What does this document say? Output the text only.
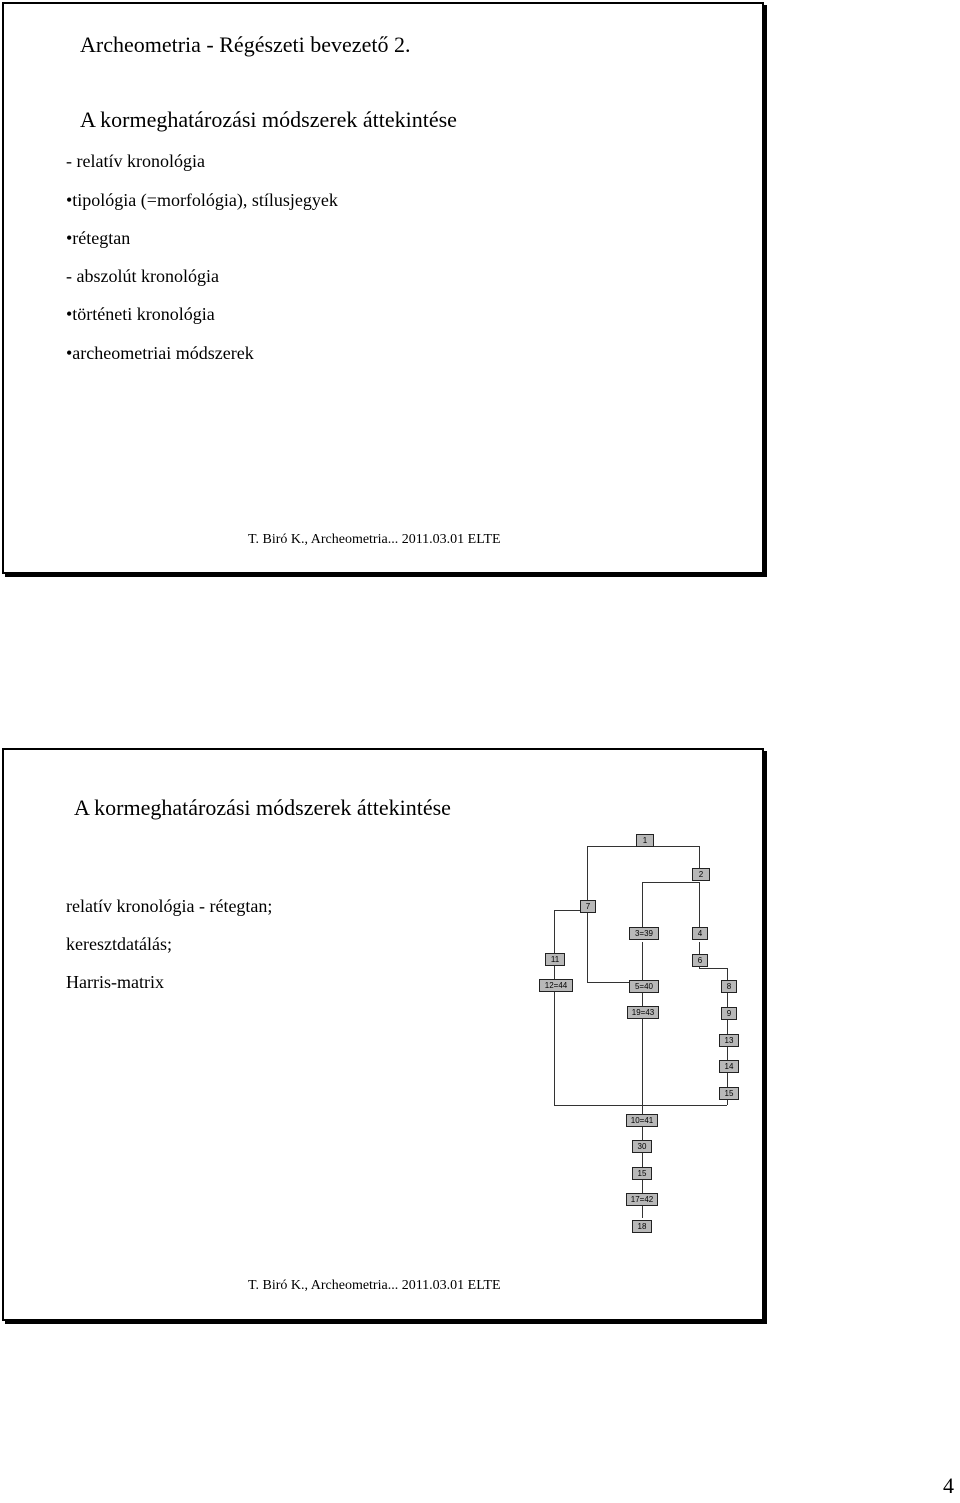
Archeometria - Régészeti bevezető 2.
A kormeghatározási módszerek áttekintése
- relatív kronológia
•tipológia (=morfológia), stílusjegyek
•rétegtan
- abszolút kronológia
•történeti kronológia
•archeometriai módszerek
T. Biró K., Archeometria... 2011.03.01 ELTE
A kormeghatározási módszerek áttekintése
relatív kronológia - rétegtan;
keresztdatálás;
Harris-matrix
1
2
7
3=39	4
11	6
12=44	5=40	8
19=43	9
13
14
15
10=41
30
15
17=42
18
T. Biró K., Archeometria... 2011.03.01 ELTE
4
